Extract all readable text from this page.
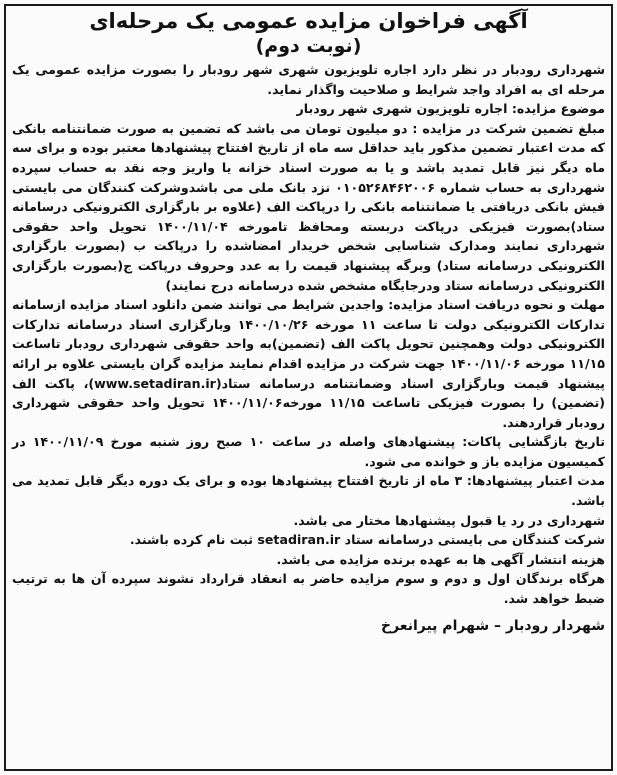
آگهی فراخوان مزایده عمومی یک مرحله‌ای

(نوبت دوم)

شهرداری رودبار در نظر دارد اجاره تلویزیون شهری شهر رودبار را بصورت مزایده عمومی یک مرحله ای به افراد واجد شرایط و صلاحیت واگذار نماید.

موضوع مزایده: اجاره تلویزیون شهری شهر رودبار

مبلغ تضمین شرکت در مزایده : دو میلیون تومان می باشد که تضمین به صورت ضمانتنامه بانکی که مدت اعتبار تضمین مذکور باید حداقل سه ماه از تاریخ افتتاح پیشنهادها معتبر بوده و برای سه ماه دیگر نیز قابل تمدید باشد و یا به صورت اسناد خزانه یا واریز وجه نقد به حساب سپرده شهرداری به حساب شماره ۰۱۰۵۲۶۸۴۶۲۰۰۶ نزد بانک ملی می باشدوشرکت کنندگان می بایستی فیش بانکی دریافتی یا ضمانتنامه بانکی را درپاکت الف (علاوه بر بارگزاری الکترونیکی درسامانه ستاد)بصورت فیزیکی درپاکت دربسته ومحافظ تامورخه ۱۴۰۰/۱۱/۰۴ تحویل واحد حقوقی شهرداری نمایند ومدارک شناسایی شخص خریدار امضاشده را درپاکت ب (بصورت بارگزاری الکترونیکی درسامانه ستاد) وبرگه پیشنهاد قیمت را به عدد وحروف درپاکت ج(بصورت بارگزاری الکترونیکی درسامانه ستاد ودرجایگاه مشخص شده درسامانه درج نمایند)

مهلت و نحوه دریافت اسناد مزایده: واجدین شرایط می توانند ضمن دانلود اسناد مزایده ازسامانه تدارکات الکترونیکی دولت تا ساعت ۱۱ مورخه ۱۴۰۰/۱۰/۲۶ وبارگزاری اسناد درسامانه تدارکات الکترونیکی دولت وهمچنین تحویل پاکت الف (تضمین)به واحد حقوقی شهرداری رودبار تاساعت ۱۱/۱۵ مورخه ۱۴۰۰/۱۱/۰۶ جهت شرکت در مزایده اقدام نمایند مزایده گران بایستی علاوه بر ارائه پیشنهاد قیمت وبارگزاری اسناد وضمانتنامه درسامانه ستاد(www.setadiran.ir)، پاکت الف (تضمین) را بصورت فیزیکی تاساعت ۱۱/۱۵ مورخه۱۴۰۰/۱۱/۰۶ تحویل واحد حقوقی شهرداری رودبار قراردهند.

تاریخ بازگشایی پاکات: پیشنهادهای واصله در ساعت ۱۰ صبح روز شنبه مورخ ۱۴۰۰/۱۱/۰۹ در کمیسیون مزایده باز و خوانده می شود.

مدت اعتبار پیشنهادها: ۳ ماه از تاریخ افتتاح پیشنهادها بوده و برای یک دوره دیگر قابل تمدید می باشد.

شهرداری در رد یا قبول پیشنهادها مختار می باشد.

شرکت کنندگان می بایستی درسامانه ستاد setadiran.ir ثبت نام کرده باشند.

هزینه انتشار آگهی ها به عهده برنده مزایده می باشد.

هرگاه برندگان اول و دوم و سوم مزایده حاضر به انعقاد قرارداد نشوند سپرده آن ها به ترتیب ضبط خواهد شد.

شهردار رودبار – شهرام پیرانعرخ
